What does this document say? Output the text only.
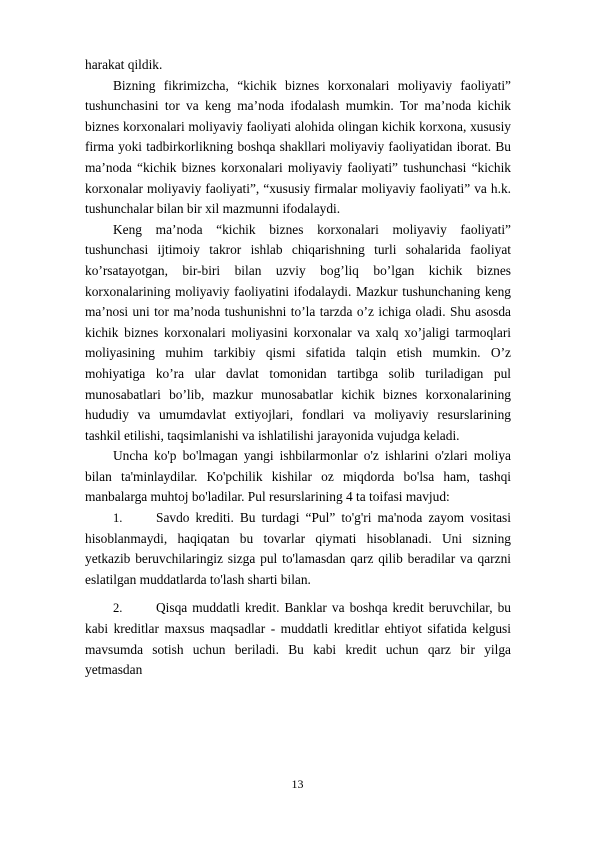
harakat qildik.

Bizning fikrimizcha, “kichik biznes korxonalari moliyaviy faoliyati” tushunchasini tor va keng ma’noda ifodalash mumkin. Tor ma’noda kichik biznes korxonalari moliyaviy faoliyati alohida olingan kichik korxona, xususiy firma yoki tadbirkorlikning boshqa shakllari moliyaviy faoliyatidan iborat. Bu ma’noda “kichik biznes korxonalari moliyaviy faoliyati” tushunchasi “kichik korxonalar moliyaviy faoliyati”, “xususiy firmalar moliyaviy faoliyati” va h.k. tushunchalar bilan bir xil mazmunni ifodalaydi.

Keng ma’noda “kichik biznes korxonalari moliyaviy faoliyati” tushunchasi ijtimoiy takror ishlab chiqarishning turli sohalarida faoliyat ko’rsatayotgan, bir-biri bilan uzviy bog’liq bo’lgan kichik biznes korxonalarining moliyaviy faoliyatini ifodalaydi. Mazkur tushunchaning keng ma’nosi uni tor ma’noda tushunishni to’la tarzda o’z ichiga oladi. Shu asosda kichik biznes korxonalari moliyasini korxonalar va xalq xo’jaligi tarmoqlari moliyasining muhim tarkibiy qismi sifatida talqin etish mumkin. O’z mohiyatiga ko’ra ular davlat tomonidan tartibga solib turiladigan pul munosabatlari bo’lib, mazkur munosabatlar kichik biznes korxonalarining hududiy va umumdavlat extiyojlari, fondlari va moliyaviy resurslarining tashkil etilishi, taqsimlanishi va ishlatilishi jarayonida vujudga keladi.

Uncha ko'p bo'lmagan yangi ishbilarmonlar o'z ishlarini o'zlari moliya bilan ta'minlaydilar. Ko'pchilik kishilar oz miqdorda bo'lsa ham, tashqi manbalarga muhtoj bo'ladilar. Pul resurslarining 4 ta toifasi mavjud:

1.	Savdo krediti. Bu turdagi “Pul” to'g'ri ma'noda zayom vositasi hisoblanmaydi, haqiqatan bu tovarlar qiymati hisoblanadi. Uni sizning yetkazib beruvchilaringiz sizga pul to'lamasdan qarz qilib beradilar va qarzni eslatilgan muddatlarda to'lash sharti bilan.
2.	Qisqa muddatli kredit. Banklar va boshqa kredit beruvchilar, bu kabi kreditlar maxsus maqsadlar - muddatli kreditlar ehtiyot sifatida kelgusi mavsumda sotish uchun beriladi. Bu kabi kredit uchun qarz bir yilga yetmasdan
13
